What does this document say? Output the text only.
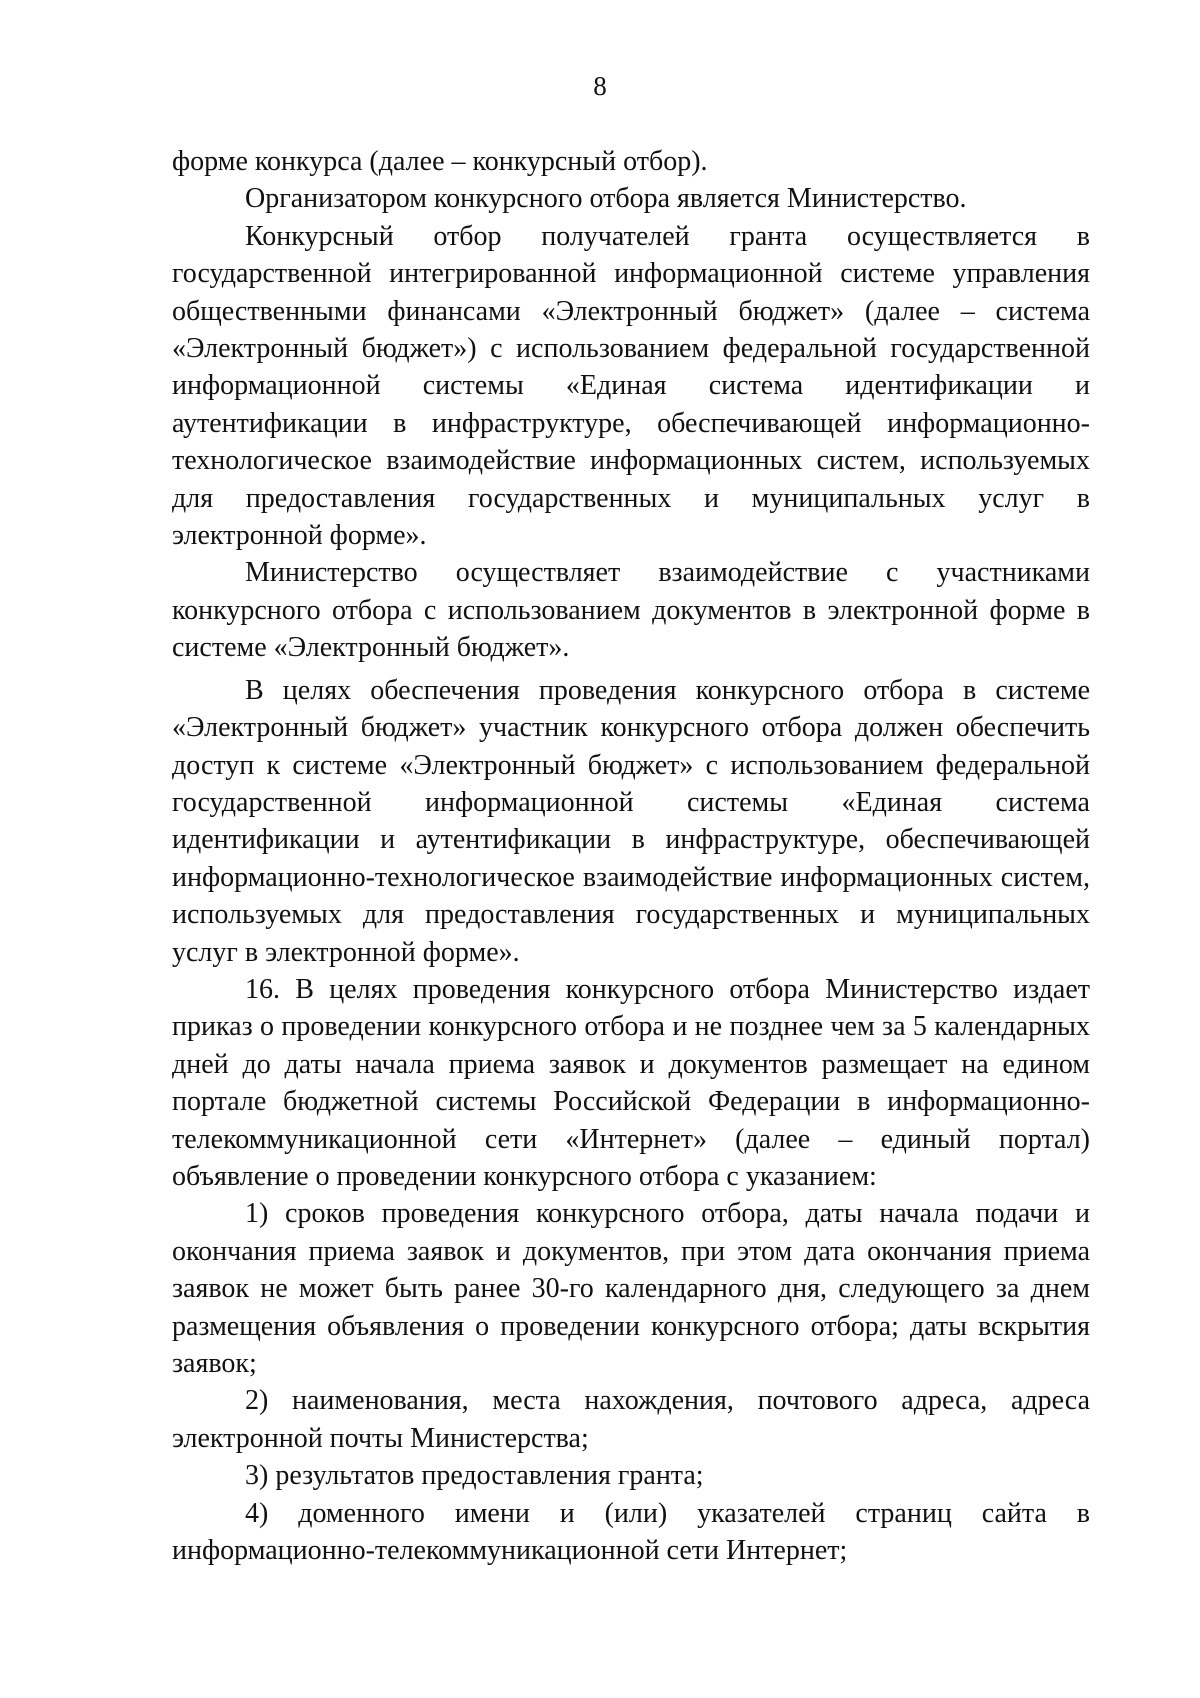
8

форме конкурса (далее – конкурсный отбор).

Организатором конкурсного отбора является Министерство.

Конкурсный отбор получателей гранта осуществляется в государственной интегрированной информационной системе управления общественными финансами «Электронный бюджет» (далее – система «Электронный бюджет») с использованием федеральной государственной информационной системы «Единая система идентификации и аутентификации в инфраструктуре, обеспечивающей информационно-технологическое взаимодействие информационных систем, используемых для предоставления государственных и муниципальных услуг в электронной форме».

Министерство осуществляет взаимодействие с участниками конкурсного отбора с использованием документов в электронной форме в системе «Электронный бюджет».

В целях обеспечения проведения конкурсного отбора в системе «Электронный бюджет» участник конкурсного отбора должен обеспечить доступ к системе «Электронный бюджет» с использованием федеральной государственной информационной системы «Единая система идентификации и аутентификации в инфраструктуре, обеспечивающей информационно-технологическое взаимодействие информационных систем, используемых для предоставления государственных и муниципальных услуг в электронной форме».

16. В целях проведения конкурсного отбора Министерство издает приказ о проведении конкурсного отбора и не позднее чем за 5 календарных дней до даты начала приема заявок и документов размещает на едином портале бюджетной системы Российской Федерации в информационно-телекоммуникационной сети «Интернет» (далее – единый портал) объявление о проведении конкурсного отбора с указанием:

1) сроков проведения конкурсного отбора, даты начала подачи и окончания приема заявок и документов, при этом дата окончания приема заявок не может быть ранее 30-го календарного дня, следующего за днем размещения объявления о проведении конкурсного отбора; даты вскрытия заявок;

2) наименования, места нахождения, почтового адреса, адреса электронной почты Министерства;

3) результатов предоставления гранта;

4) доменного имени и (или) указателей страниц сайта в информационно-телекоммуникационной сети Интернет;
